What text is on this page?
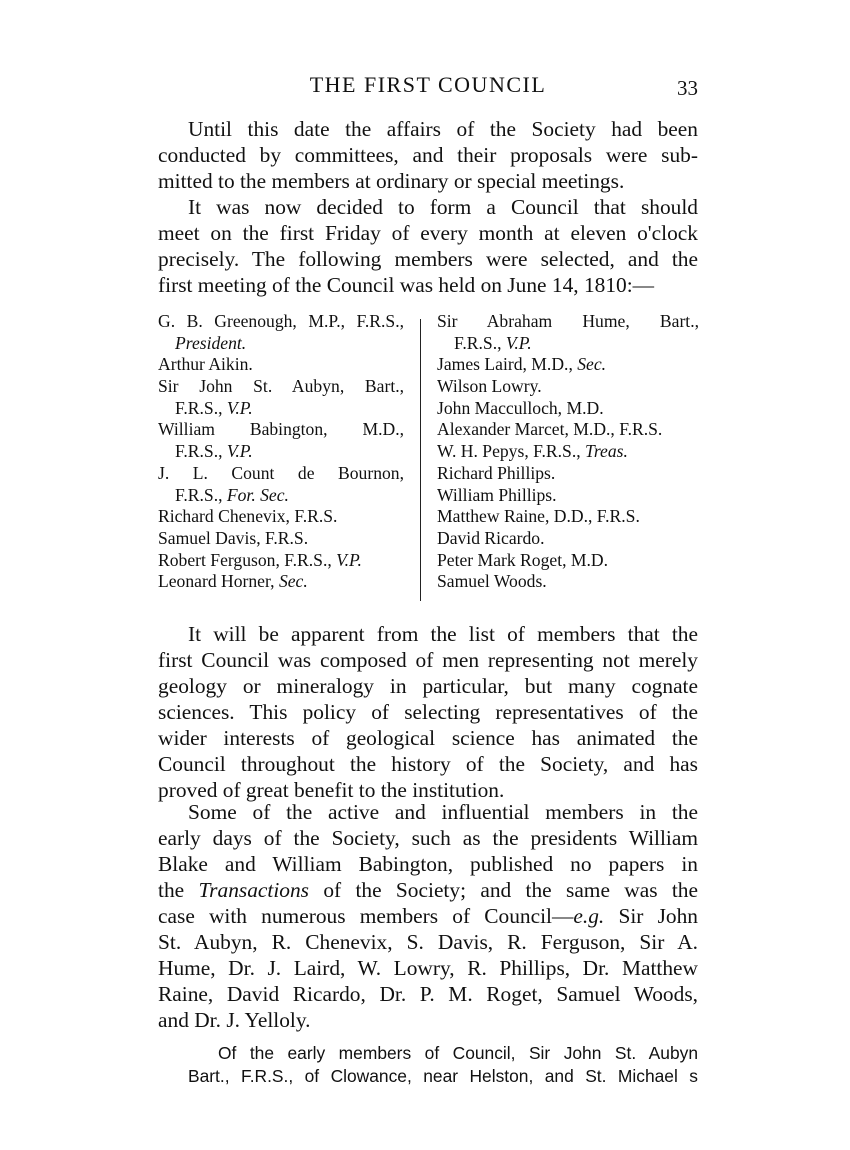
THE FIRST COUNCIL	33
Until this date the affairs of the Society had been
conducted by committees, and their proposals were sub-
mitted to the members at ordinary or special meetings.
It was now decided to form a Council that should
meet on the first Friday of every month at eleven o'clock
precisely. The following members were selected, and the
first meeting of the Council was held on June 14, 1810:—
G. B. Greenough, M.P., F.R.S.,
President.
Arthur Aikin.
Sir John St. Aubyn, Bart.,
F.R.S., V.P.
William Babington, M.D.,
F.R.S., V.P.
J. L. Count de Bournon,
F.R.S., For. Sec.
Richard Chenevix, F.R.S.
Samuel Davis, F.R.S.
Robert Ferguson, F.R.S., V.P.
Leonard Horner, Sec.
Sir Abraham Hume, Bart.,
F.R.S., V.P.
James Laird, M.D., Sec.
Wilson Lowry.
John Macculloch, M.D.
Alexander Marcet, M.D., F.R.S.
W. H. Pepys, F.R.S., Treas.
Richard Phillips.
William Phillips.
Matthew Raine, D.D., F.R.S.
David Ricardo.
Peter Mark Roget, M.D.
Samuel Woods.
It will be apparent from the list of members that the
first Council was composed of men representing not merely
geology or mineralogy in particular, but many cognate
sciences. This policy of selecting representatives of the
wider interests of geological science has animated the
Council throughout the history of the Society, and has
proved of great benefit to the institution.
Some of the active and influential members in the
early days of the Society, such as the presidents William
Blake and William Babington, published no papers in
the Transactions of the Society; and the same was the
case with numerous members of Council—e.g. Sir John
St. Aubyn, R. Chenevix, S. Davis, R. Ferguson, Sir A.
Hume, Dr. J. Laird, W. Lowry, R. Phillips, Dr. Matthew
Raine, David Ricardo, Dr. P. M. Roget, Samuel Woods,
and Dr. J. Yelloly.
Of the early members of Council, Sir John St. Aubyn
Bart., F.R.S., of Clowance, near Helston, and St. Michael s
